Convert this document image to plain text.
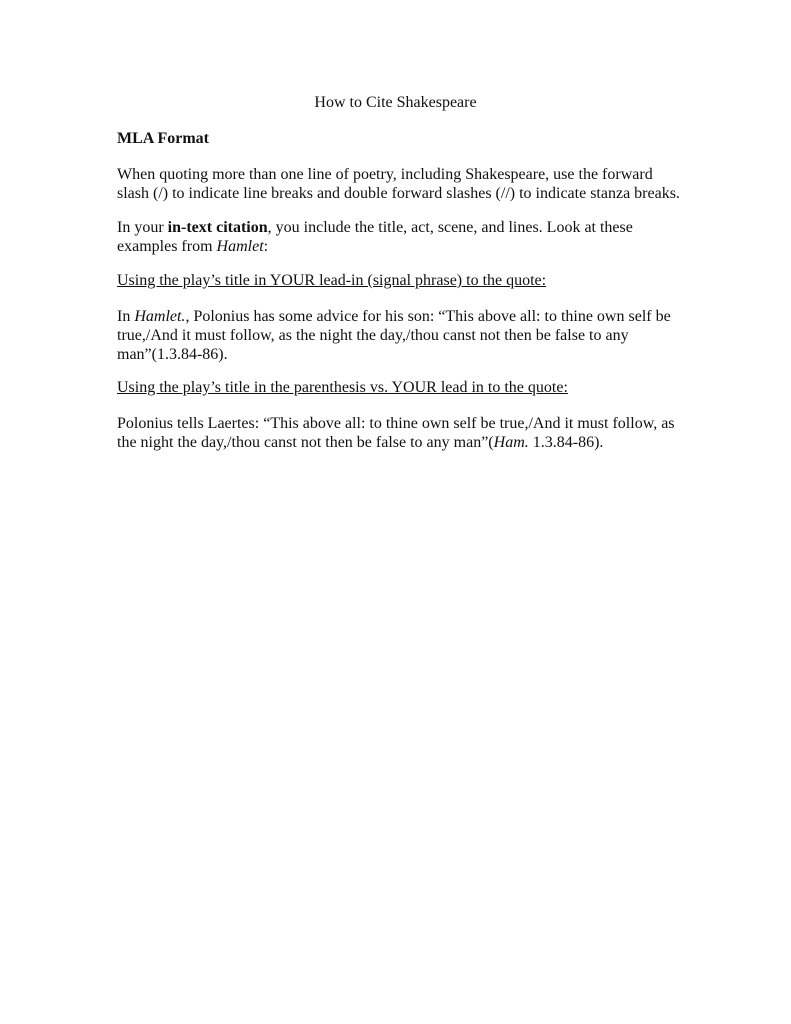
How to Cite Shakespeare
MLA Format

When quoting more than one line of poetry, including Shakespeare, use the forward slash (/) to indicate line breaks and double forward slashes (//) to indicate stanza breaks.

In your in-text citation, you include the title, act, scene, and lines. Look at these examples from Hamlet:

Using the play’s title in YOUR lead-in (signal phrase) to the quote:

In Hamlet., Polonius has some advice for his son: “This above all: to thine own self be true,/And it must follow, as the night the day,/thou canst not then be false to any man”(1.3.84-86).

Using the play’s title in the parenthesis vs. YOUR lead in to the quote:

Polonius tells Laertes: “This above all: to thine own self be true,/And it must follow, as the night the day,/thou canst not then be false to any man”(Ham. 1.3.84-86).
